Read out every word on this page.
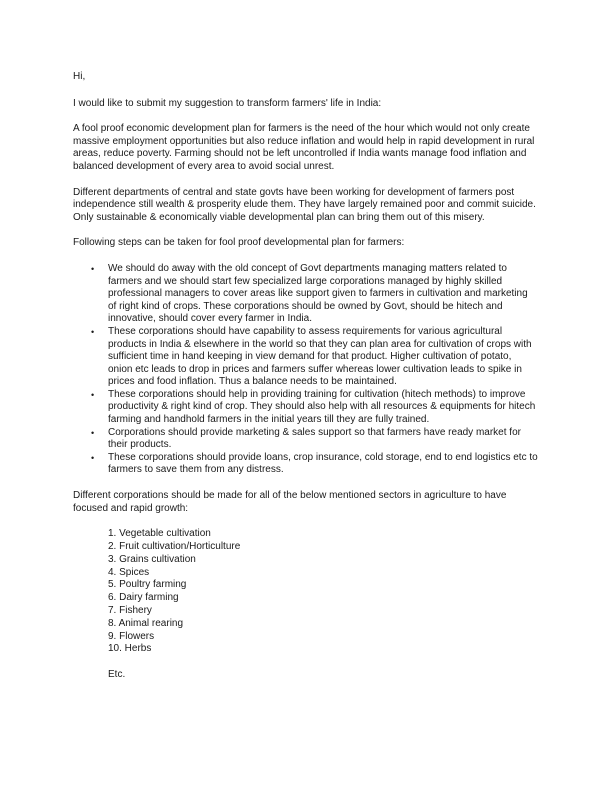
Hi,

I would like to submit my suggestion to transform farmers' life in India:

A fool proof economic development plan for farmers is the need of the hour which would not only create massive employment opportunities but also reduce inflation and would help in rapid development in rural areas, reduce poverty. Farming should not be left uncontrolled if India wants manage food inflation and balanced development of every area to avoid social unrest.

Different departments of central and state govts have been working for development of farmers post independence still wealth & prosperity elude them. They have largely remained poor and commit suicide. Only sustainable & economically viable developmental plan can bring them out of this misery.

Following steps can be taken for fool proof developmental plan for farmers:

• We should do away with the old concept of Govt departments managing matters related to farmers and we should start few specialized large corporations managed by highly skilled professional managers to cover areas like support given to farmers in cultivation and marketing of right kind of crops. These corporations should be owned by Govt, should be hitech and innovative, should cover every farmer in India.
• These corporations should have capability to assess requirements for various agricultural products in India & elsewhere in the world so that they can plan area for cultivation of crops with sufficient time in hand keeping in view demand for that product. Higher cultivation of potato, onion etc leads to drop in prices and farmers suffer whereas lower cultivation leads to spike in prices and food inflation. Thus a balance needs to be maintained.
• These corporations should help in providing training for cultivation (hitech methods) to improve productivity & right kind of crop. They should also help with all resources & equipments for hitech farming and handhold farmers in the initial years till they are fully trained.
• Corporations should provide marketing & sales support so that farmers have ready market for their products.
• These corporations should provide loans, crop insurance, cold storage, end to end logistics etc to farmers to save them from any distress.

Different corporations should be made for all of the below mentioned sectors in agriculture to have focused and rapid growth:

1. Vegetable cultivation
2. Fruit cultivation/Horticulture
3. Grains cultivation
4. Spices
5. Poultry farming
6. Dairy farming
7. Fishery
8. Animal rearing
9. Flowers
10. Herbs

Etc.
